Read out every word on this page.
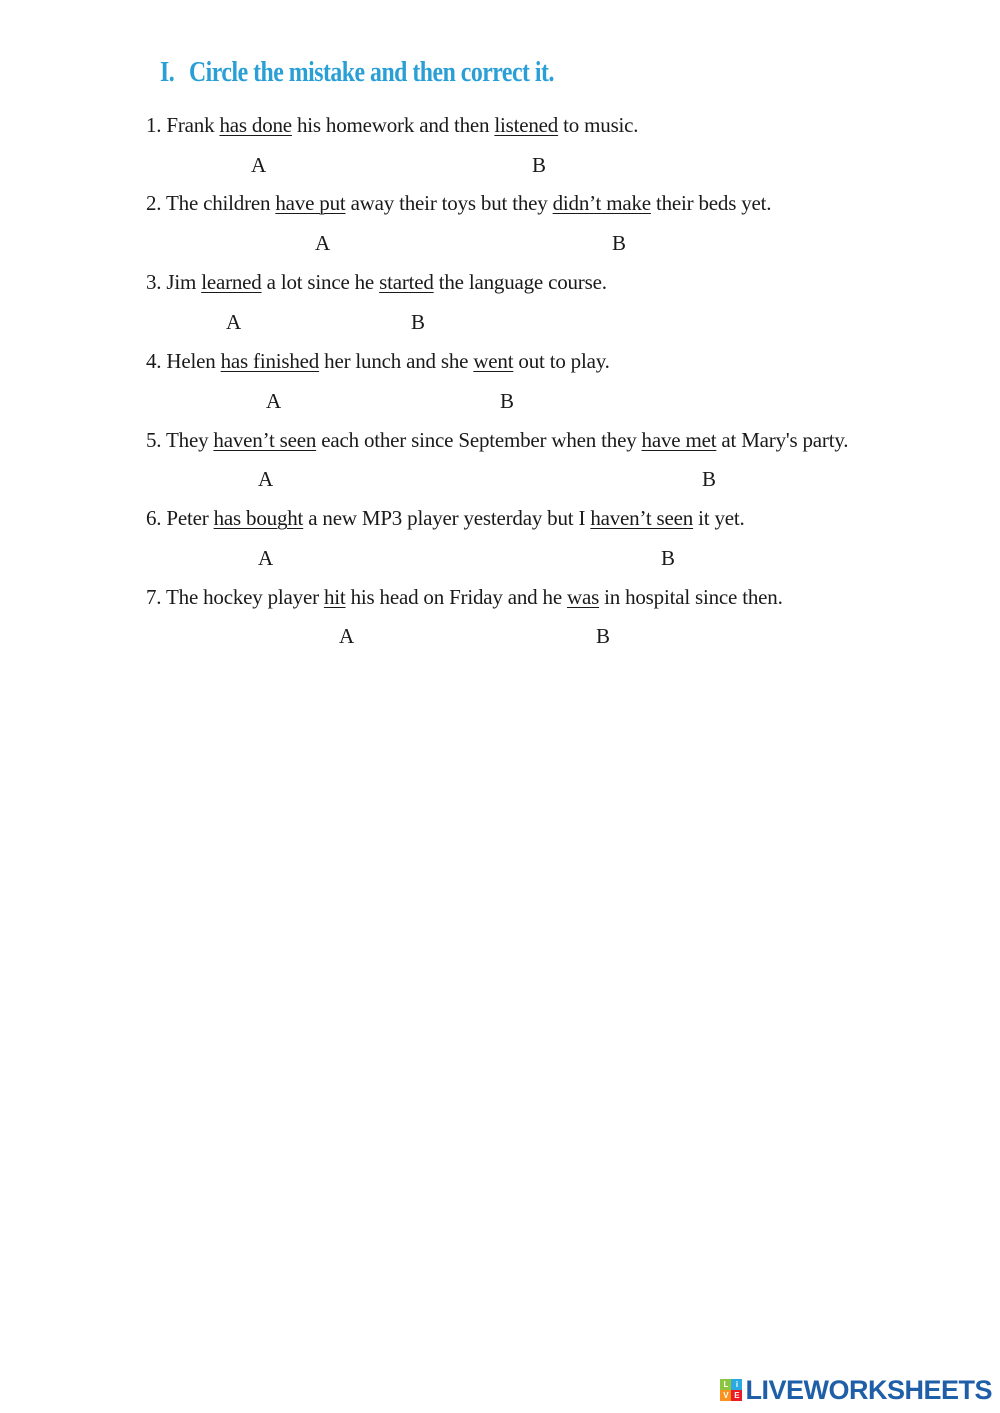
I. Circle the mistake and then correct it.
1. Frank has done his homework and then listened to music.
A	B
2. The children have put away their toys but they didn’t make their beds yet.
A	B
3. Jim learned a lot since he started the language course.
A	B
4. Helen has finished her lunch and she went out to play.
A	B
5. They haven’t seen each other since September when they have met at Mary's party.
A	B
6. Peter has bought a new MP3 player yesterday but I haven’t seen it yet.
A	B
7. The hockey player hit his head on Friday and he was in hospital since then.
A	B
L i
V E LIVEWORKSHEETS
